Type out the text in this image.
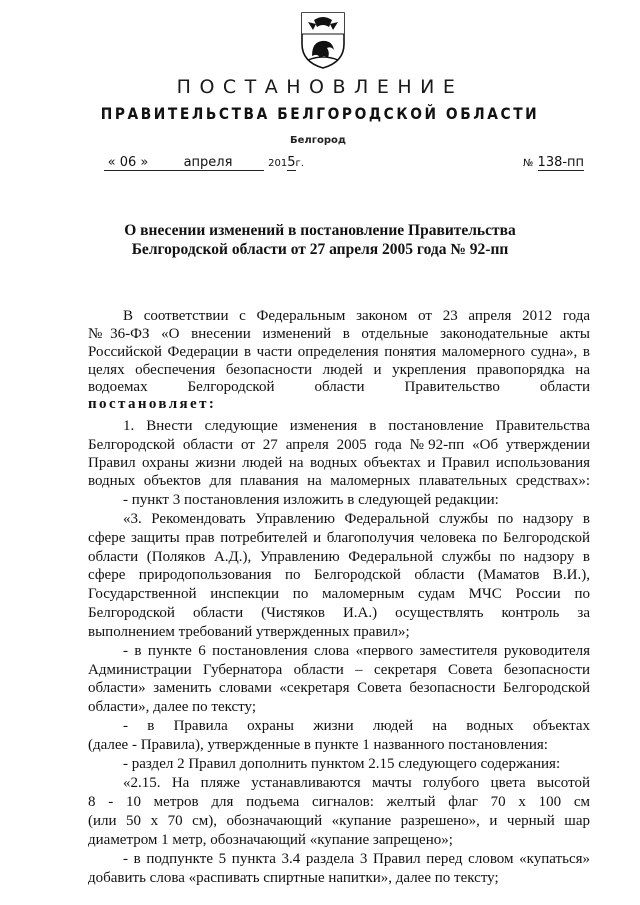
ПОСТАНОВЛЕНИЕ
ПРАВИТЕЛЬСТВА БЕЛГОРОДСКОЙ ОБЛАСТИ
Белгород
« 06 »	апреля	2015г.	№ 138-пп
О внесении изменений в постановление Правительства
Белгородской области от 27 апреля 2005 года № 92-пп
В соответствии с Федеральным законом от 23 апреля 2012 года
№36-ФЗ «О внесении изменений в отдельные законодательные акты
Российской Федерации в части определения понятия маломерного судна», в
целях обеспечения безопасности людей и укрепления правопорядка на
водоемах Белгородской области Правительство области
постановляет:
1. Внести следующие изменения в постановление Правительства
Белгородской области от 27 апреля 2005 года №92-пп «Об утверждении
Правил охраны жизни людей на водных объектах и Правил использования
водных объектов для плавания на маломерных плавательных средствах»:
- пункт 3 постановления изложить в следующей редакции:
«3. Рекомендовать Управлению Федеральной службы по надзору в
сфере защиты прав потребителей и благополучия человека по Белгородской
области (Поляков А.Д.), Управлению Федеральной службы по надзору в
сфере природопользования по Белгородской области (Маматов В.И.),
Государственной инспекции по маломерным судам МЧС России по
Белгородской области (Чистяков И.А.) осуществлять контроль за
выполнением требований утвержденных правил»;
- в пункте 6 постановления слова «первого заместителя руководителя
Администрации Губернатора области – секретаря Совета безопасности
области» заменить словами «секретаря Совета безопасности Белгородской
области», далее по тексту;
- в Правила охраны жизни людей на водных объектах
(далее - Правила), утвержденные в пункте 1 названного постановления:
- раздел 2 Правил дополнить пунктом 2.15 следующего содержания:
«2.15. На пляже устанавливаются мачты голубого цвета высотой
8 - 10 метров для подъема сигналов: желтый флаг 70 х 100 см
(или 50 х 70 см), обозначающий «купание разрешено», и черный шар
диаметром 1 метр, обозначающий «купание запрещено»;
- в подпункте 5 пункта 3.4 раздела 3 Правил перед словом «купаться»
добавить слова «распивать спиртные напитки», далее по тексту;
